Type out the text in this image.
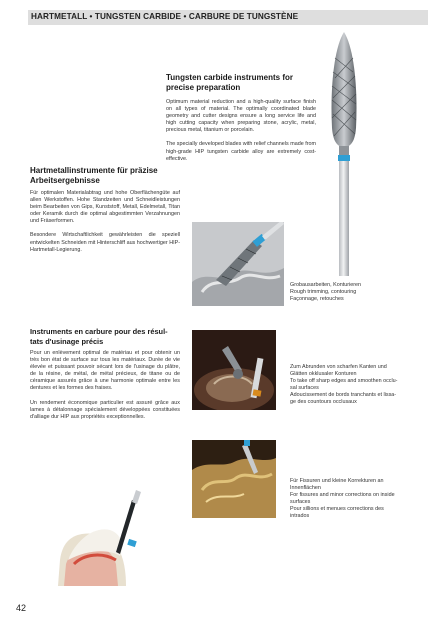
HARTMETALL • TUNGSTEN CARBIDE • CARBURE DE TUNGSTÈNE
Tungsten carbide instruments for
precise preparation

Optimum material reduction and a high-quality surface finish on all types of material. The optimally coordinated blade geometry and cutter designs ensure a long service life and high cutting capacity when preparing stone, acrylic, metal, precious metal, titanium or porcelain.

The specially developed blades with relief channels made from high-grade HIP tungsten carbide alloy are extremely cost-effective.

Hartmetallinstrumente für präzise
Arbeitsergebnisse

Für optimalen Materialabtrag und hohe Oberflächengüte auf allen Werkstoffen. Hohe Standzeiten und Schneidleistungen beim Bearbeiten von Gips, Kunststoff, Metall, Edelmetall, Titan oder Keramik durch die optimal abgestimmten Verzahnungen und Fräserformen.

Besondere Wirtschaftlichkeit gewährleisten die speziell entwickelten Schneiden mit Hinterschliff aus hochwertiger HIP-Hartmetall-Legierung.

Grobausarbeiten, Konturieren
Rough trimming, contouring
Façonnage, retouches
Instruments en carbure pour des résul-
tats d'usinage précis

Pour un enlèvement optimal de matériau et pour obtenir un très bon état de surface sur tous les matériaux. Durée de vie élevée et puissant pouvoir sécant lors de l'usinage du plâtre, de la résine, de métal, de métal précieux, de titane ou de céramique assurés grâce à une harmonie optimale entre les dentures et les formes des fraises.

Un rendement économique particulier est assuré grâce aux lames à détalonnage spécialement développées constituées d'alliage dur HIP aux propriétés exceptionnelles.

Zum Abrunden von scharfen Kanten und
Glätten okklusaler Konturen
To take off sharp edges and smoothen occlu-
sal surfaces
Adoucissement de bords tranchants et lissa-
ge des countours occlusaux
Für Fissuren und kleine Korrekturen an
Innenflächen
For fissures and minor corrections on inside
surfaces
Pour sillions et menues corrections des
intrados
42
